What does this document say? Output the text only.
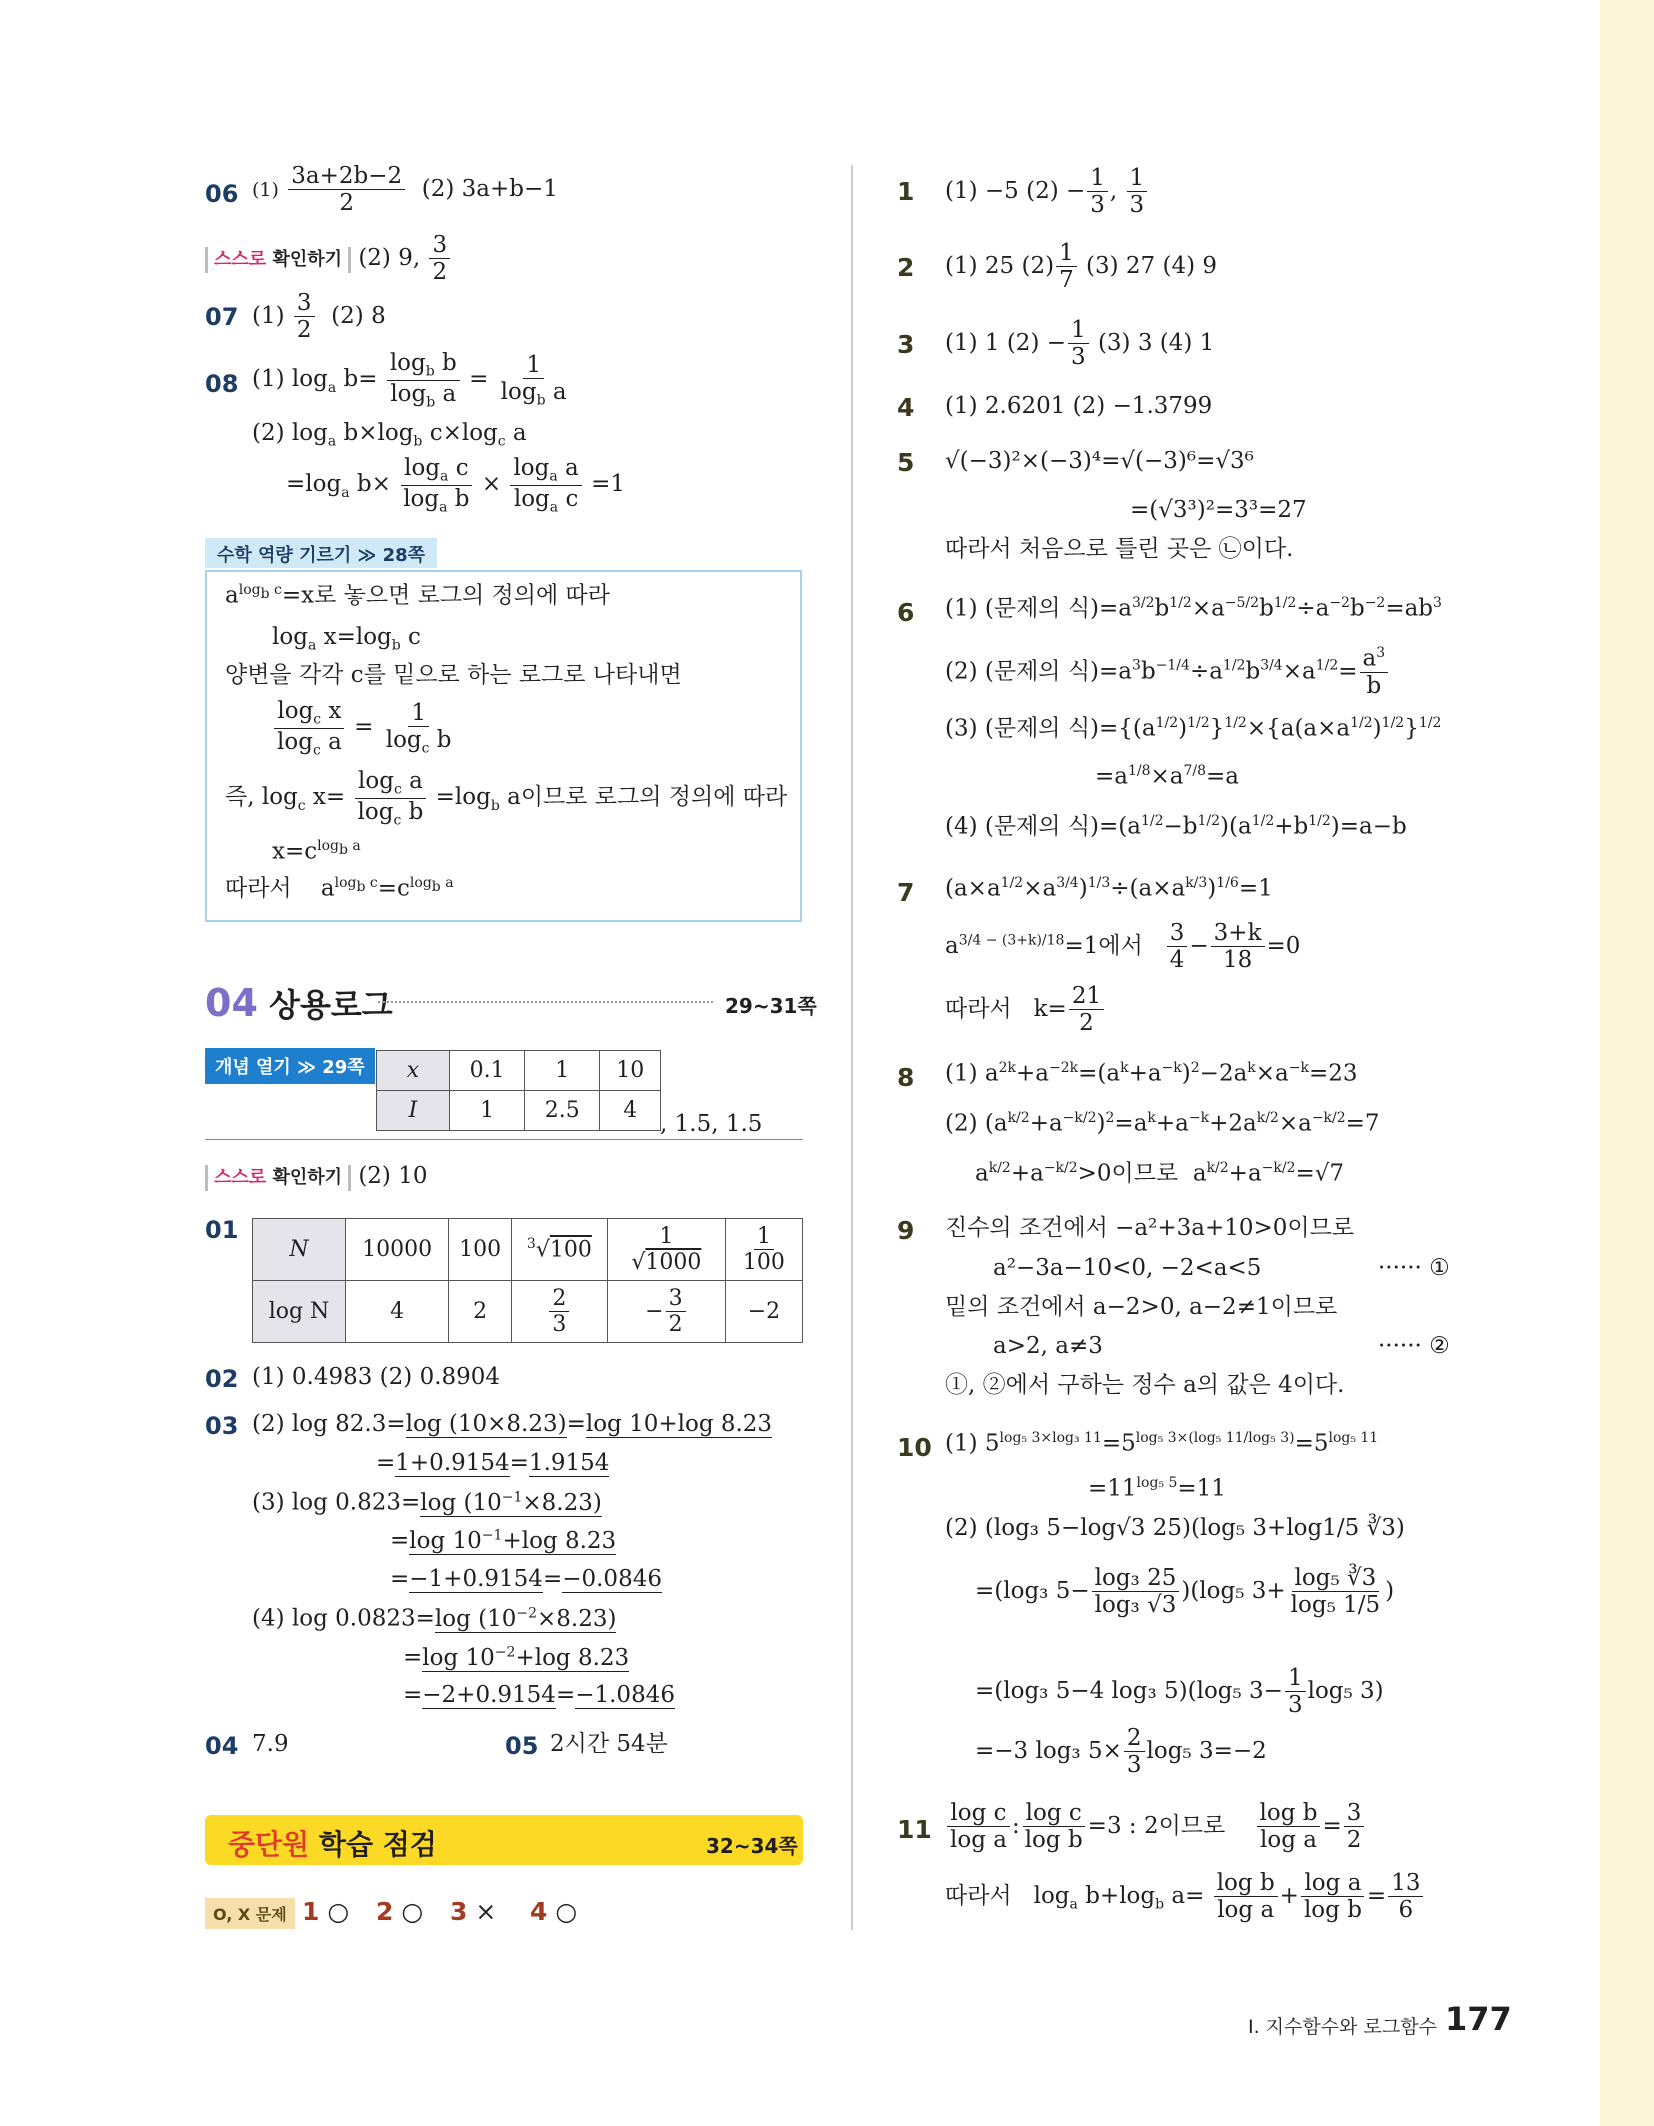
06 $(1) \frac{3a+2b-2}{2} (2)$ 3a+b−1
스스로 확인하기 (2) 9, $\frac{3}{2}$
07 $(1) \frac{3}{2} (2)$ 8
08 (1) $\log_a b= \frac{\log_b b}{\log_b a} = \frac{1}{\log_b a}$
(2) $\log_a b\times\log_b$ $c\times\log_c$ a
$=\log_a$ $b\times \frac{\log_a c}{\log_a b} \times \frac{\log_a a}{\log_a c} =1$
수학 역량 기르기 ≫ 28쪽
$a^{log_b c}=x$로 놓으면 로그의 정의에 따라
$\log_a x=\log_b$ c
양변을 각각 c를 밑으로 하는 로그로 나타내면
$\frac{\log_c x}{\log_c a} = \frac{1}{\log_c b}$
즉, $\log_c x= \frac{\log_c a}{\log_c b} =\log_b$ a이므로 로그의 정의에 따라
$x=c^{log_b a}$
따라서 $a^{log_b c}=c^{log_b a}$
04 상용로그	29~31쪽
개념 열기 ≫ 29쪽	x	0.1	1	10
I	1	2.5	4
, 1.5, 1.5
스스로 확인하기 (2) 10
01
N	10000	100	$^3$√100	$\frac{1}{√1000}$	$\frac{1}{100}$

log N	4	2	$\frac{2}{3}$	− $\frac{3}{2}$	−2
02 (1) 0.4983 (2) 0.8904
03 (2) log 82.3=log (10×8.23)=log 10+log 8.23
=1+0.9154=1.9154
(3) log 0.823=log $(10^{-1}\times 8.23)$
=log $10^{-1}+\log$ 8.23
=−1+0.9154=−0.0846
(4) log 0.0823=log $(10^{-2}\times 8.23)$
=log $10^{-2}+\log$ 8.23
=−2+0.9154=−1.0846
04 7.9	05 2시간 54분
중단원 학습 점검	32~34쪽
O, X 문제 1 ○ 2 ○ 3 × 4 ○
1 (1) −5 $(2) - \frac{1}{3}$ , $\frac{1}{3}$
2 (1) 25 $(2) \frac{1}{7} (3)$ 27 (4) 9
3 (1) 1 $(2) - \frac{1}{3} (3)$ 3 (4) 1
4 (1) 2.6201 (2) −1.3799
5 √(−3)²×(−3)⁴=√(−3)⁶=√3⁶
=(√3³)²=3³=27
따라서 처음으로 틀린 곳은 ㉡이다.
6 (1) (문제의 식)$=a^{3/2}b^{1/2}\times a^{-5/2}b^{1/2}\div a^{-2}b^{-2}=ab^3$
(2) (문제의 식)$=a^3b^{-1/4}\div a^{1/2}b^{3/4}\times a^{1/2}= \frac{a^3}{b}$
(3) (문제의 식)$=\{(a^{1/2})^{1/2}\}^{1/2}\times\{a(a\times a^{1/2})^{1/2}\}^{1/2}$
$=a^{1/8}\times a^{7/8}=a$
(4) (문제의 식)$=(a^{1/2}-b^{1/2})(a^{1/2}+b^{1/2})=a-b$
7 $(a\times a^{1/2}\times a^{3/4})^{1/3}\div(a\times a^{k/3})^{1/6}=1$
$a^{3/4 - (3+k)/18}=1$에서 $\frac{3}{4} - \frac{3+k}{18} =0$
따라서 $k= \frac{21}{2}$
8 (1) $a^{2k}+a^{-2k}=(a^k+a^{-k})^2-2a^k\times a^{-k}=23$
(2) $(a^{k/2}+a^{-k/2})^2=a^k+a^{-k}+2a^{k/2}\times a^{-k/2}=7$
$a^{k/2}+a^{-k/2}>0$이므로 $a^{k/2}+a^{-k/2}=√7$
9 진수의 조건에서 −a²+3a+10>0이므로
a²−3a−10<0, −2<a<5	······ ①
밑의 조건에서 a−2>0, a−2≠1이므로
a>2, a≠3	······ ②
①, ②에서 구하는 정수 a의 값은 4이다.
10 (1) $5^{log_5 3\times log_3 11}=5^{log_5 3\times(log_5 11/log_5 3)}=5^{log_5 11}$
$=11^{log_5 5}=11$
(2) (log₃ 5−log√3 25)(log₅ 3+log1/5 ∛3)
=(log₃ $5- \frac{\text{log₃ 25}}{\text{log₃ √3}} )(\log_5$ $3+ \frac{\text{log₅ ∛3}}{\text{log₅ 1/5}}$ )
=(log₃ 5−4 log₃ 5)(log₅ $3- \frac{1}{3} \log_5$ 3)
=−3 log₃ $5\times \frac{2}{3} \log_5$ 3=−2
$11 \frac{\text{log c}}{\text{log a}}$ : $\frac{\text{log c}}{\text{log b}} =3$ : 2이므로 $\frac{\text{log b}}{\text{log a}} = \frac{3}{2}$
따라서 $\log_a b+\log_b$ $a= \frac{\text{log b}}{\text{log a}} + \frac{\text{log a}}{\text{log b}} = \frac{13}{6}$
Ⅰ. 지수함수와 로그함수 177
